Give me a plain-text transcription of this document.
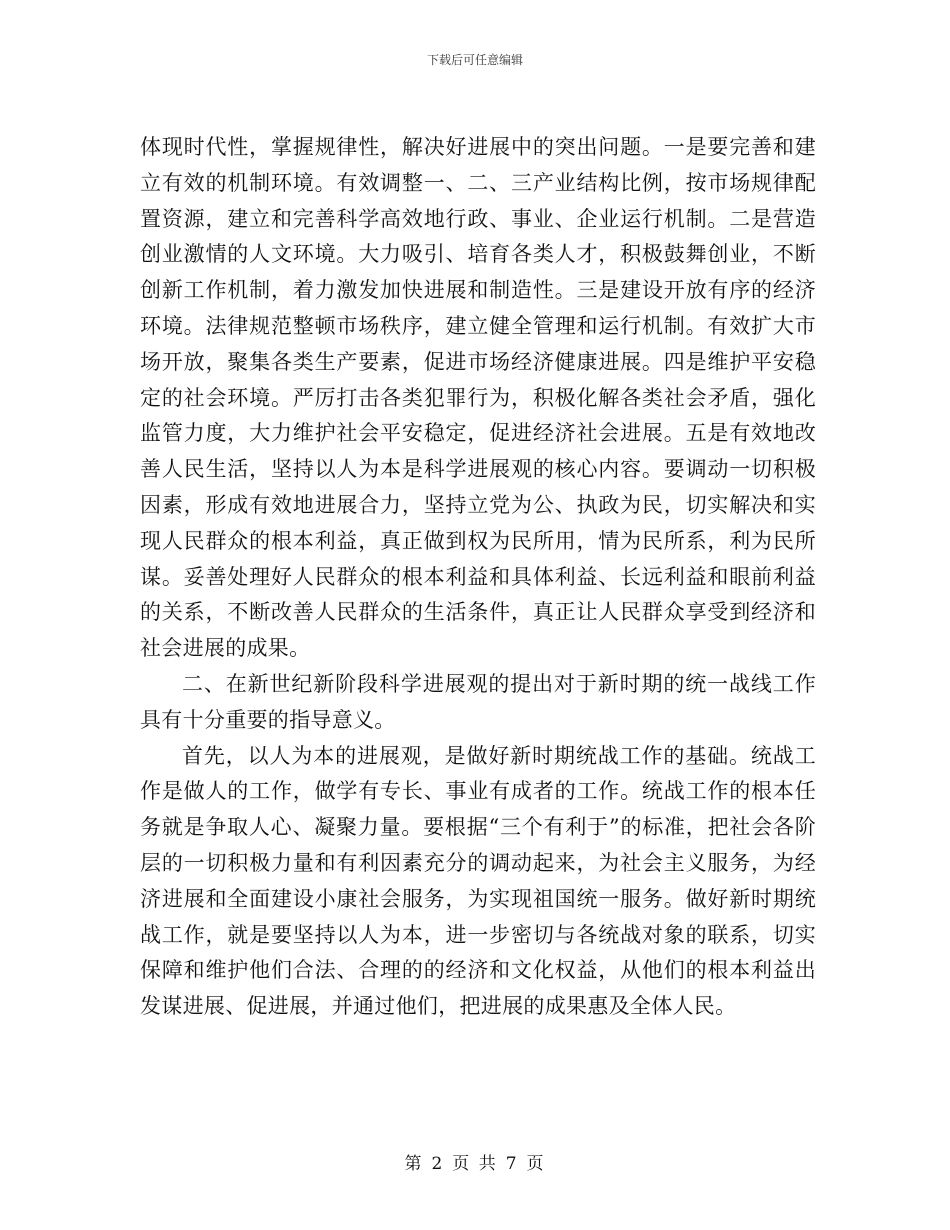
下载后可任意编辑

体现时代性，掌握规律性，解决好进展中的突出问题。一是要完善和建立有效的机制环境。有效调整一、二、三产业结构比例，按市场规律配置资源，建立和完善科学高效地行政、事业、企业运行机制。二是营造创业激情的人文环境。大力吸引、培育各类人才，积极鼓舞创业，不断创新工作机制，着力激发加快进展和制造性。三是建设开放有序的经济环境。法律规范整顿市场秩序，建立健全管理和运行机制。有效扩大市场开放，聚集各类生产要素，促进市场经济健康进展。四是维护平安稳定的社会环境。严厉打击各类犯罪行为，积极化解各类社会矛盾，强化监管力度，大力维护社会平安稳定，促进经济社会进展。五是有效地改善人民生活，坚持以人为本是科学进展观的核心内容。要调动一切积极因素，形成有效地进展合力，坚持立党为公、执政为民，切实解决和实现人民群众的根本利益，真正做到权为民所用，情为民所系，利为民所谋。妥善处理好人民群众的根本利益和具体利益、长远利益和眼前利益的关系，不断改善人民群众的生活条件，真正让人民群众享受到经济和社会进展的成果。

二、在新世纪新阶段科学进展观的提出对于新时期的统一战线工作具有十分重要的指导意义。

首先，以人为本的进展观，是做好新时期统战工作的基础。统战工作是做人的工作，做学有专长、事业有成者的工作。统战工作的根本任务就是争取人心、凝聚力量。要根据“三个有利于”的标准，把社会各阶层的一切积极力量和有利因素充分的调动起来，为社会主义服务，为经济进展和全面建设小康社会服务，为实现祖国统一服务。做好新时期统战工作，就是要坚持以人为本，进一步密切与各统战对象的联系，切实保障和维护他们合法、合理的的经济和文化权益，从他们的根本利益出发谋进展、促进展，并通过他们，把进展的成果惠及全体人民。

第 2 页 共 7 页
